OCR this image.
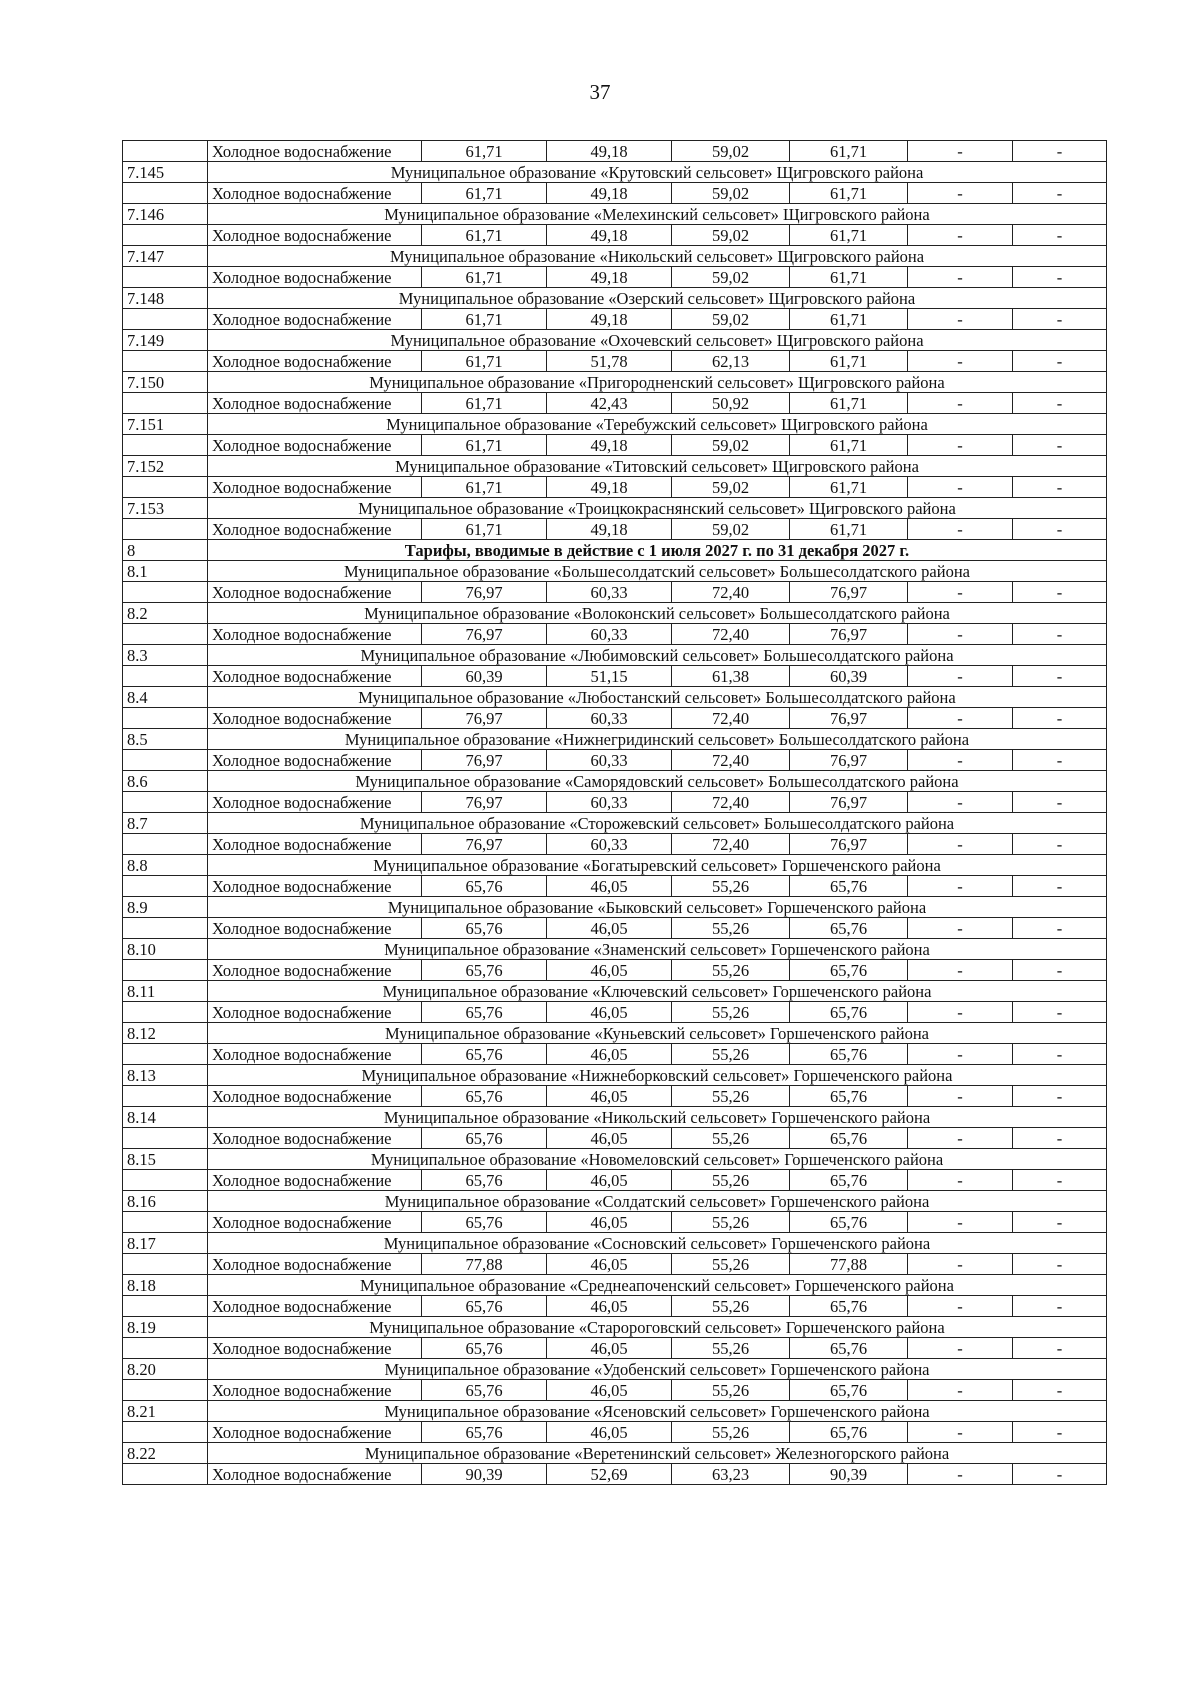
37
	Холодное водоснабжение	61,71	49,18	59,02	61,71	-	-
7.145	Муниципальное образование «Крутовский сельсовет» Щигровского района						
	Холодное водоснабжение	61,71	49,18	59,02	61,71	-	-
7.146	Муниципальное образование «Мелехинский сельсовет» Щигровского района						
	Холодное водоснабжение	61,71	49,18	59,02	61,71	-	-
7.147	Муниципальное образование «Никольский сельсовет» Щигровского района						
	Холодное водоснабжение	61,71	49,18	59,02	61,71	-	-
7.148	Муниципальное образование «Озерский сельсовет» Щигровского района						
	Холодное водоснабжение	61,71	49,18	59,02	61,71	-	-
7.149	Муниципальное образование «Охочевский сельсовет» Щигровского района						
	Холодное водоснабжение	61,71	51,78	62,13	61,71	-	-
7.150	Муниципальное образование «Пригородненский сельсовет» Щигровского района						
	Холодное водоснабжение	61,71	42,43	50,92	61,71	-	-
7.151	Муниципальное образование «Теребужский сельсовет» Щигровского района						
	Холодное водоснабжение	61,71	49,18	59,02	61,71	-	-
7.152	Муниципальное образование «Титовский сельсовет» Щигровского района						
	Холодное водоснабжение	61,71	49,18	59,02	61,71	-	-
7.153	Муниципальное образование «Троицкокраснянский сельсовет» Щигровского района						
	Холодное водоснабжение	61,71	49,18	59,02	61,71	-	-
8	Тарифы, вводимые в действие с 1 июля 2027 г. по 31 декабря 2027 г.						
8.1	Муниципальное образование «Большесолдатский сельсовет» Большесолдатского района						
	Холодное водоснабжение	76,97	60,33	72,40	76,97	-	-
8.2	Муниципальное образование «Волоконский сельсовет» Большесолдатского района						
	Холодное водоснабжение	76,97	60,33	72,40	76,97	-	-
8.3	Муниципальное образование «Любимовский сельсовет» Большесолдатского района						
	Холодное водоснабжение	60,39	51,15	61,38	60,39	-	-
8.4	Муниципальное образование «Любостанский сельсовет» Большесолдатского района						
	Холодное водоснабжение	76,97	60,33	72,40	76,97	-	-
8.5	Муниципальное образование «Нижнегридинский сельсовет» Большесолдатского района						
	Холодное водоснабжение	76,97	60,33	72,40	76,97	-	-
8.6	Муниципальное образование «Саморядовский сельсовет» Большесолдатского района						
	Холодное водоснабжение	76,97	60,33	72,40	76,97	-	-
8.7	Муниципальное образование «Сторожевский сельсовет» Большесолдатского района						
	Холодное водоснабжение	76,97	60,33	72,40	76,97	-	-
8.8	Муниципальное образование «Богатыревский сельсовет» Горшеченского района						
	Холодное водоснабжение	65,76	46,05	55,26	65,76	-	-
8.9	Муниципальное образование «Быковский сельсовет» Горшеченского района						
	Холодное водоснабжение	65,76	46,05	55,26	65,76	-	-
8.10	Муниципальное образование «Знаменский сельсовет» Горшеченского района						
	Холодное водоснабжение	65,76	46,05	55,26	65,76	-	-
8.11	Муниципальное образование «Ключевский сельсовет» Горшеченского района						
	Холодное водоснабжение	65,76	46,05	55,26	65,76	-	-
8.12	Муниципальное образование «Куньевский сельсовет» Горшеченского района						
	Холодное водоснабжение	65,76	46,05	55,26	65,76	-	-
8.13	Муниципальное образование «Нижнеборковский сельсовет» Горшеченского района						
	Холодное водоснабжение	65,76	46,05	55,26	65,76	-	-
8.14	Муниципальное образование «Никольский сельсовет» Горшеченского района						
	Холодное водоснабжение	65,76	46,05	55,26	65,76	-	-
8.15	Муниципальное образование «Новомеловский сельсовет» Горшеченского района						
	Холодное водоснабжение	65,76	46,05	55,26	65,76	-	-
8.16	Муниципальное образование «Солдатский сельсовет» Горшеченского района						
	Холодное водоснабжение	65,76	46,05	55,26	65,76	-	-
8.17	Муниципальное образование «Сосновский сельсовет» Горшеченского района						
	Холодное водоснабжение	77,88	46,05	55,26	77,88	-	-
8.18	Муниципальное образование «Среднеапоченский сельсовет» Горшеченского района						
	Холодное водоснабжение	65,76	46,05	55,26	65,76	-	-
8.19	Муниципальное образование «Старороговский сельсовет» Горшеченского района						
	Холодное водоснабжение	65,76	46,05	55,26	65,76	-	-
8.20	Муниципальное образование «Удобенский сельсовет» Горшеченского района						
	Холодное водоснабжение	65,76	46,05	55,26	65,76	-	-
8.21	Муниципальное образование «Ясеновский сельсовет» Горшеченского района						
	Холодное водоснабжение	65,76	46,05	55,26	65,76	-	-
8.22	Муниципальное образование «Веретенинский сельсовет» Железногорского района						
	Холодное водоснабжение	90,39	52,69	63,23	90,39	-	-
